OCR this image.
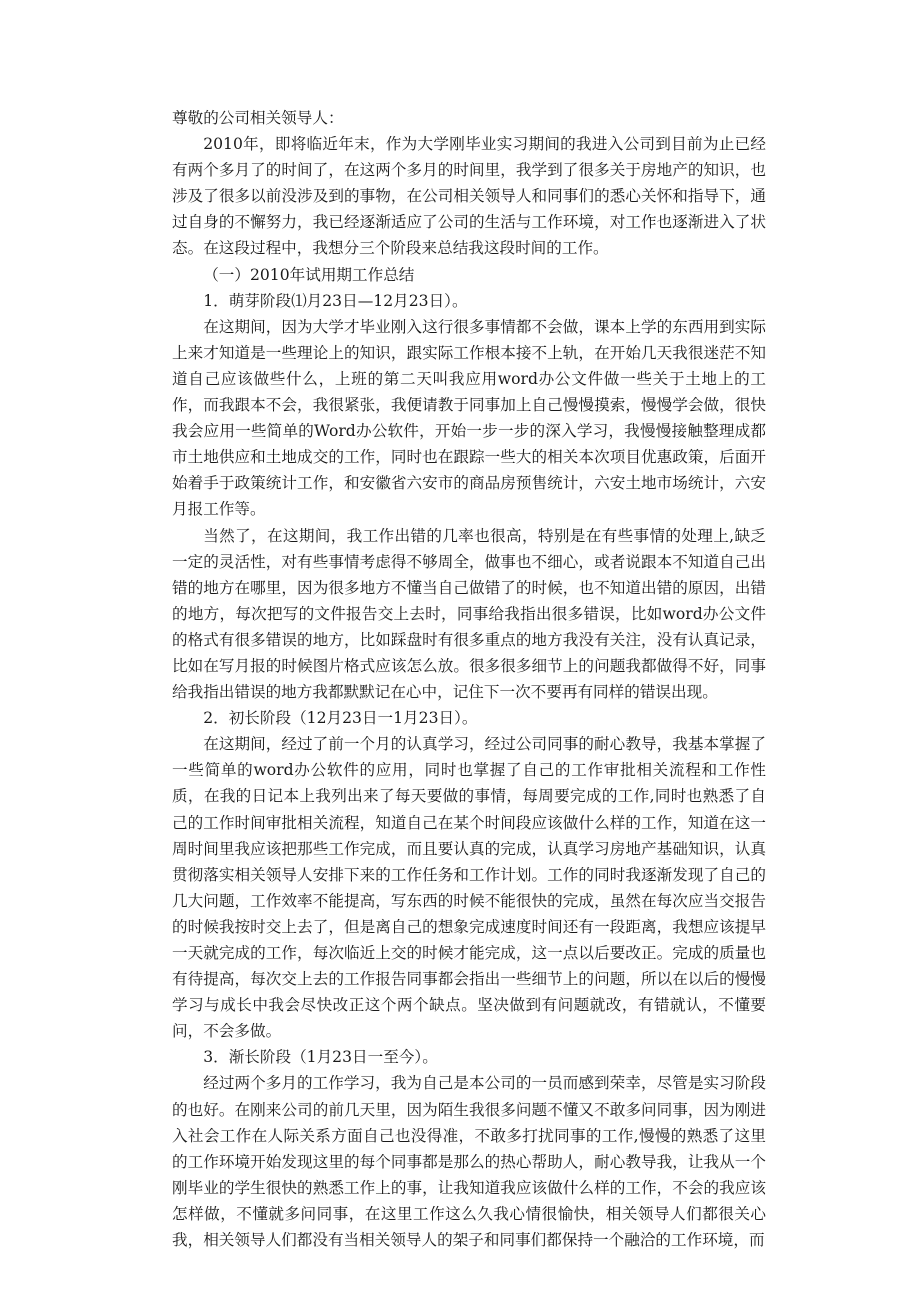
尊敬的公司相关领导人：

2010年，即将临近年末，作为大学刚毕业实习期间的我进入公司到目前为止已经有两个多月了的时间了，在这两个多月的时间里，我学到了很多关于房地产的知识，也涉及了很多以前没涉及到的事物，在公司相关领导人和同事们的悉心关怀和指导下，通过自身的不懈努力，我已经逐渐适应了公司的生活与工作环境，对工作也逐渐进入了状态。在这段过程中，我想分三个阶段来总结我这段时间的工作。

（一）2010年试用期工作总结

1．萌芽阶段⑴月23日—12月23日）。

在这期间，因为大学才毕业刚入这行很多事情都不会做，课本上学的东西用到实际上来才知道是一些理论上的知识，跟实际工作根本接不上轨，在开始几天我很迷茫不知道自己应该做些什么，上班的第二天叫我应用word办公文件做一些关于土地上的工作，而我跟本不会，我很紧张，我便请教于同事加上自己慢慢摸索，慢慢学会做，很快我会应用一些简单的Word办公软件，开始一步一步的深入学习，我慢慢接触整理成都市土地供应和土地成交的工作，同时也在跟踪一些大的相关本次项目优惠政策，后面开始着手于政策统计工作，和安徽省六安市的商品房预售统计，六安土地市场统计，六安月报工作等。

当然了，在这期间，我工作出错的几率也很高，特别是在有些事情的处理上,缺乏一定的灵活性，对有些事情考虑得不够周全，做事也不细心，或者说跟本不知道自己出错的地方在哪里，因为很多地方不懂当自己做错了的时候，也不知道出错的原因，出错的地方，每次把写的文件报告交上去时，同事给我指出很多错误，比如word办公文件的格式有很多错误的地方，比如踩盘时有很多重点的地方我没有关注，没有认真记录，比如在写月报的时候图片格式应该怎么放。很多很多细节上的问题我都做得不好，同事给我指出错误的地方我都默默记在心中，记住下一次不要再有同样的错误出现。

2．初长阶段（12月23日一1月23日）。

在这期间，经过了前一个月的认真学习，经过公司同事的耐心教导，我基本掌握了一些简单的word办公软件的应用，同时也掌握了自己的工作审批相关流程和工作性质，在我的日记本上我列出来了每天要做的事情，每周要完成的工作,同时也熟悉了自己的工作时间审批相关流程，知道自己在某个时间段应该做什么样的工作，知道在这一周时间里我应该把那些工作完成，而且要认真的完成，认真学习房地产基础知识，认真贯彻落实相关领导人安排下来的工作任务和工作计划。工作的同时我逐渐发现了自己的几大问题，工作效率不能提高，写东西的时候不能很快的完成，虽然在每次应当交报告的时候我按时交上去了，但是离自己的想象完成速度时间还有一段距离，我想应该提早一天就完成的工作，每次临近上交的时候才能完成，这一点以后要改正。完成的质量也有待提高，每次交上去的工作报告同事都会指出一些细节上的问题，所以在以后的慢慢学习与成长中我会尽快改正这个两个缺点。坚决做到有问题就改，有错就认，不懂要问，不会多做。

3．渐长阶段（1月23日一至今）。

经过两个多月的工作学习，我为自己是本公司的一员而感到荣幸，尽管是实习阶段的也好。在刚来公司的前几天里，因为陌生我很多问题不懂又不敢多问同事，因为刚进入社会工作在人际关系方面自己也没得准，不敢多打扰同事的工作,慢慢的熟悉了这里的工作环境开始发现这里的每个同事都是那么的热心帮助人，耐心教导我，让我从一个刚毕业的学生很快的熟悉工作上的事，让我知道我应该做什么样的工作，不会的我应该怎样做，不懂就多问同事，在这里工作这么久我心情很愉快，相关领导人们都很关心我，相关领导人们都没有当相关领导人的架子和同事们都保持一个融洽的工作环境，而
